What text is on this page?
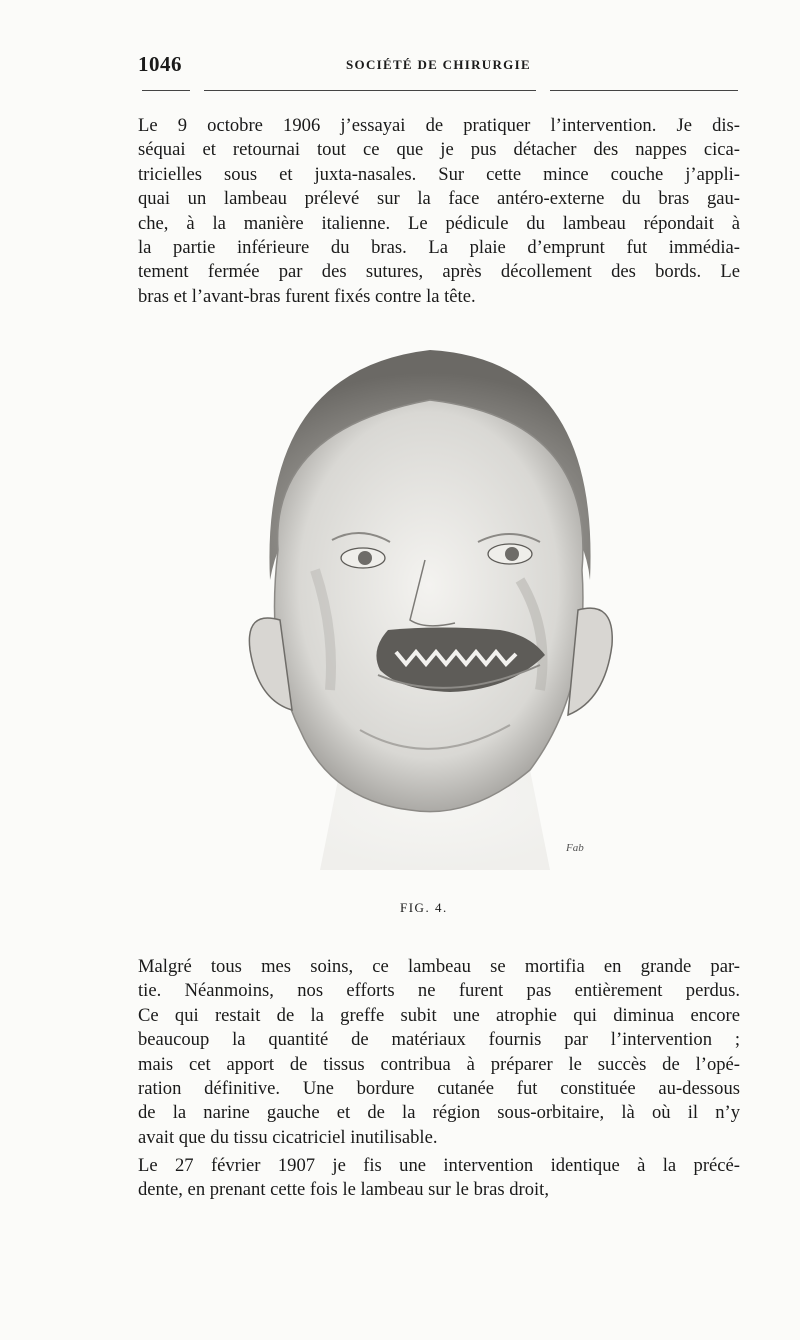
1046	SOCIÉTÉ DE CHIRURGIE
Le 9 octobre 1906 j’essayai de pratiquer l’intervention. Je dis-
séquai et retournai tout ce que je pus détacher des nappes cica-
tricielles sous et juxta-nasales. Sur cette mince couche j’appli-
quai un lambeau prélevé sur la face antéro-externe du bras gau-
che, à la manière italienne. Le pédicule du lambeau répondait à
la partie inférieure du bras. La plaie d’emprunt fut immédia-
tement fermée par des sutures, après décollement des bords. Le
bras et l’avant-bras furent fixés contre la tête.
Fab
FIG. 4.
Malgré tous mes soins, ce lambeau se mortifia en grande par-
tie. Néanmoins, nos efforts ne furent pas entièrement perdus.
Ce qui restait de la greffe subit une atrophie qui diminua encore
beaucoup la quantité de matériaux fournis par l’intervention ;
mais cet apport de tissus contribua à préparer le succès de l’opé-
ration définitive. Une bordure cutanée fut constituée au-dessous
de la narine gauche et de la région sous-orbitaire, là où il n’y
avait que du tissu cicatriciel inutilisable.
Le 27 février 1907 je fis une intervention identique à la précé-
dente, en prenant cette fois le lambeau sur le bras droit,
